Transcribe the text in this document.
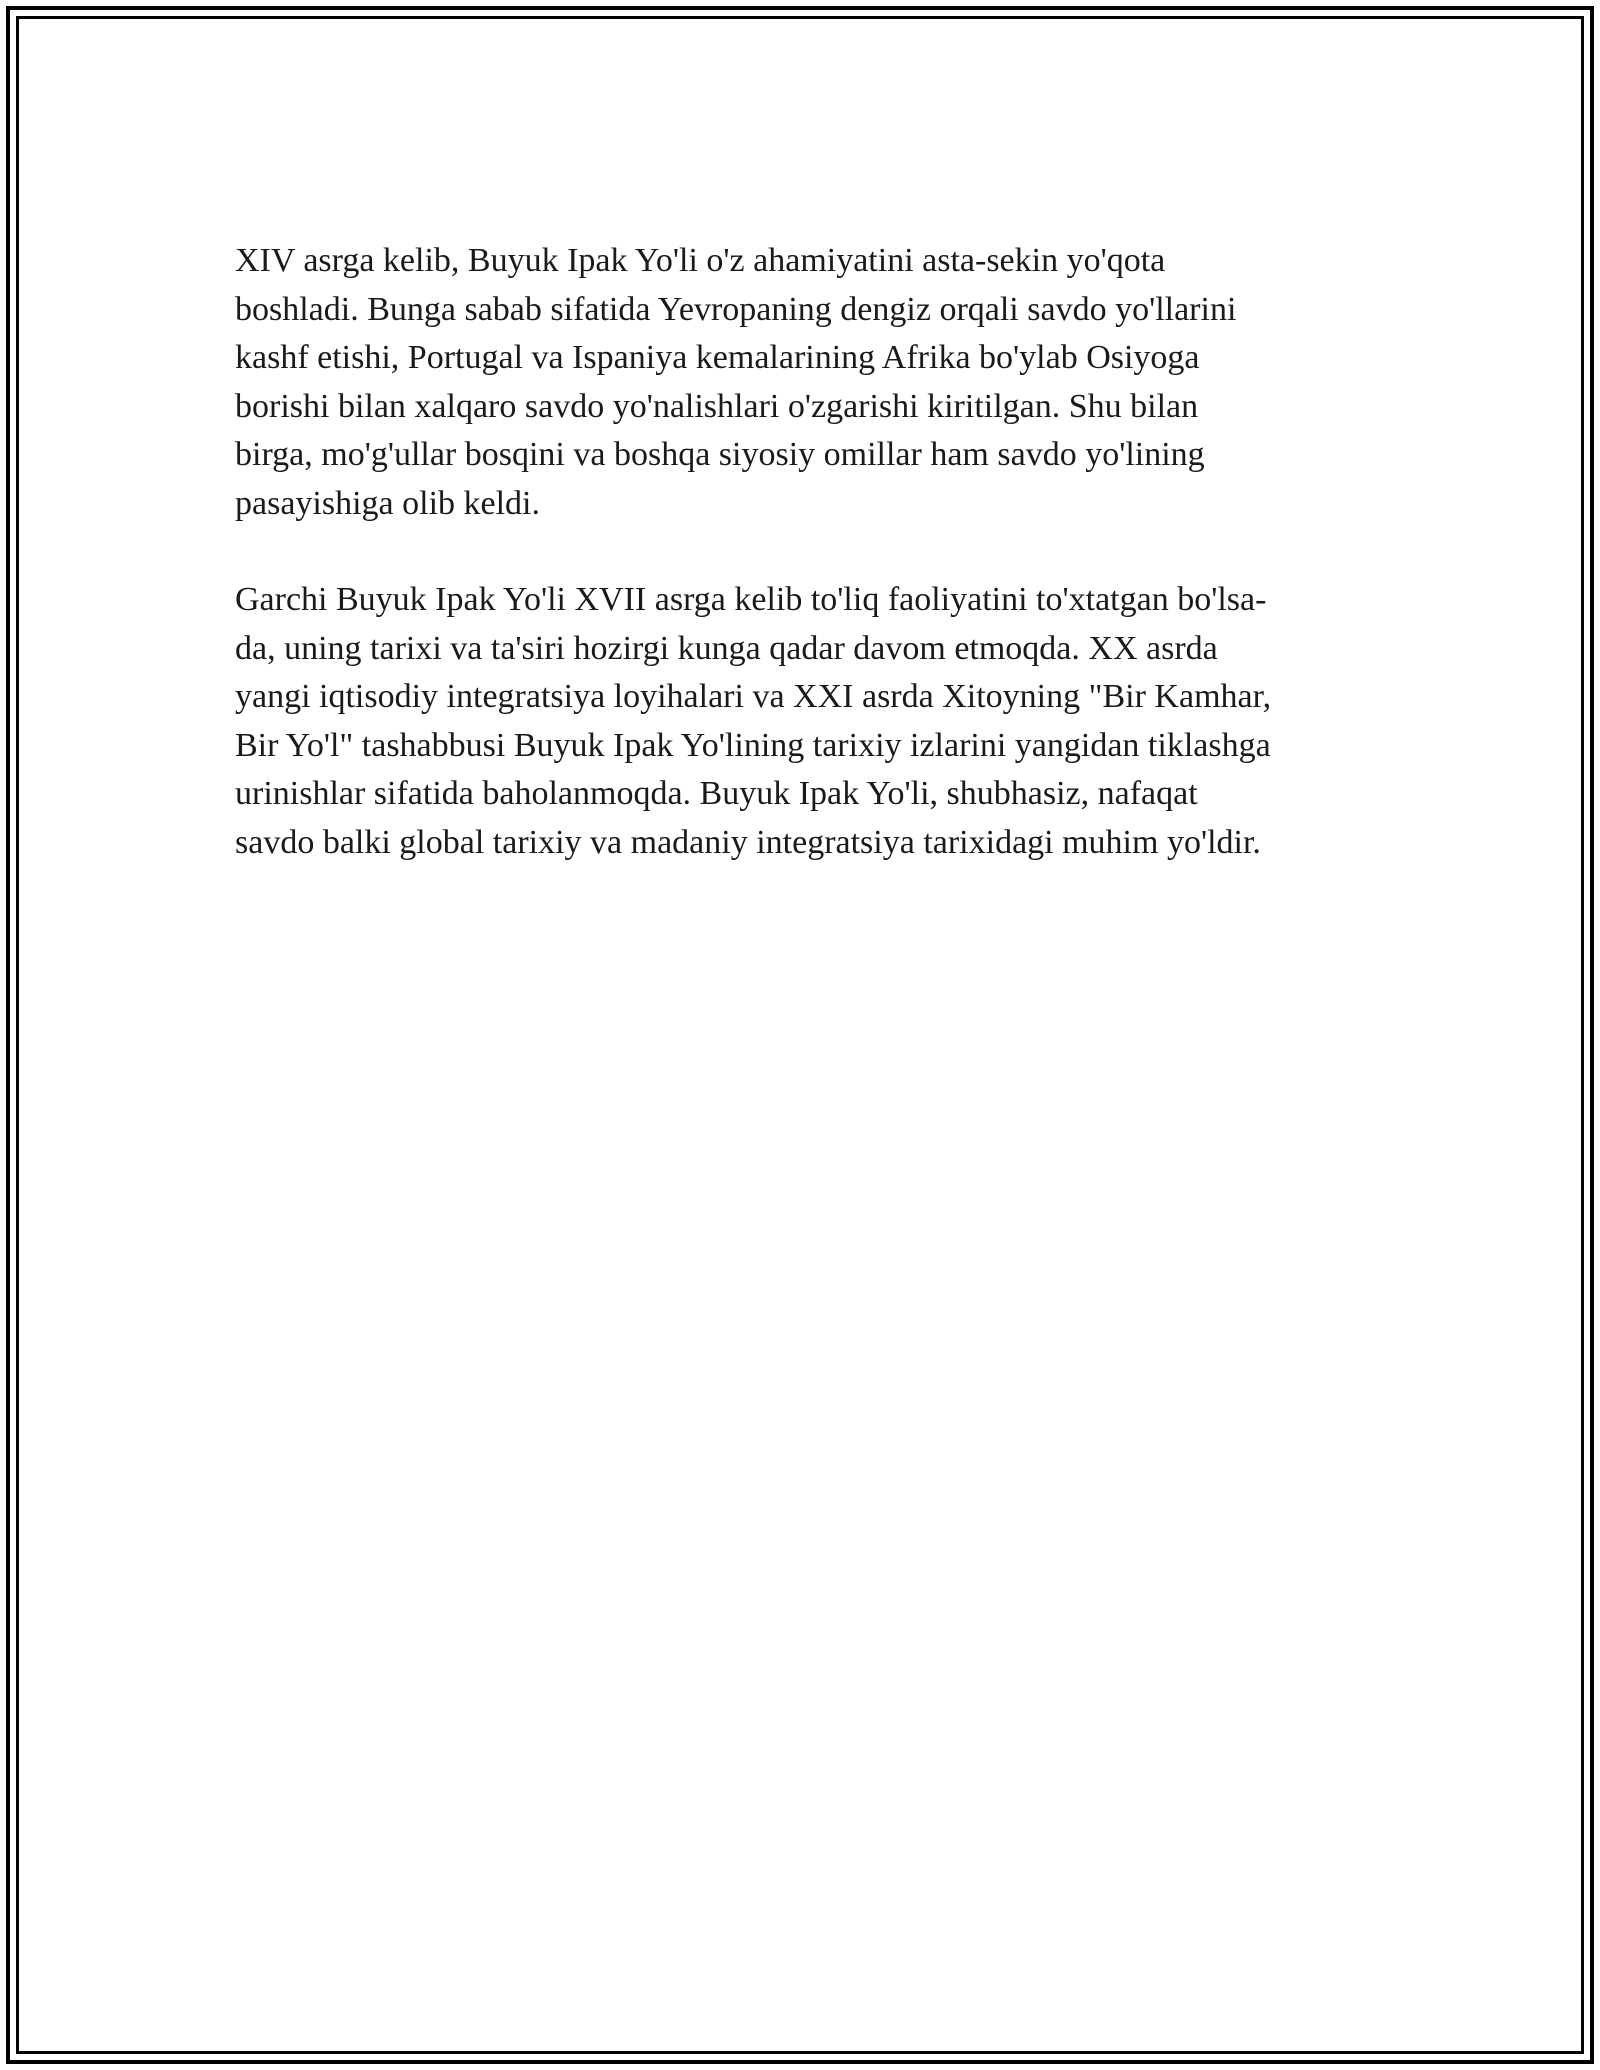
XIV asrga kelib, Buyuk Ipak Yo'li o'z ahamiyatini asta-sekin yo'qota
boshladi. Bunga sabab sifatida Yevropaning dengiz orqali savdo yo'llarini
kashf etishi, Portugal va Ispaniya kemalarining Afrika bo'ylab Osiyoga
borishi bilan xalqaro savdo yo'nalishlari o'zgarishi kiritilgan. Shu bilan
birga, mo'g'ullar bosqini va boshqa siyosiy omillar ham savdo yo'lining
pasayishiga olib keldi.

Garchi Buyuk Ipak Yo'li XVII asrga kelib to'liq faoliyatini to'xtatgan bo'lsa-
da, uning tarixi va ta'siri hozirgi kunga qadar davom etmoqda. XX asrda
yangi iqtisodiy integratsiya loyihalari va XXI asrda Xitoyning "Bir Kamhar,
Bir Yo'l" tashabbusi Buyuk Ipak Yo'lining tarixiy izlarini yangidan tiklashga
urinishlar sifatida baholanmoqda. Buyuk Ipak Yo'li, shubhasiz, nafaqat
savdo balki global tarixiy va madaniy integratsiya tarixidagi muhim yo'ldir.
